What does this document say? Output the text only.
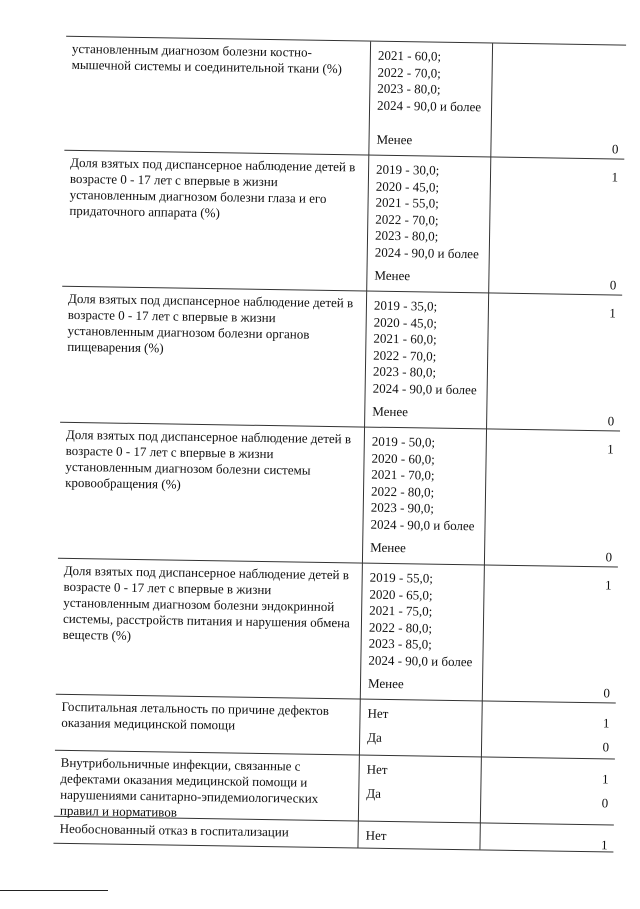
установленным диагнозом болезни костно-мышечной системы и соединительной ткани (%)
2021 - 60,0;
2022 - 70,0;
2023 - 80,0;
2024 - 90,0 и более
Менее
0
Доля взятых под диспансерное наблюдение детей в возрасте 0 - 17 лет с впервые в жизни установленным диагнозом болезни глаза и его придаточного аппарата (%)
2019 - 30,0;
2020 - 45,0;
2021 - 55,0;
2022 - 70,0;
2023 - 80,0;
2024 - 90,0 и более
1
Менее
0
Доля взятых под диспансерное наблюдение детей в возрасте 0 - 17 лет с впервые в жизни установленным диагнозом болезни органов пищеварения (%)
2019 - 35,0;
2020 - 45,0;
2021 - 60,0;
2022 - 70,0;
2023 - 80,0;
2024 - 90,0 и более
1
Менее
0
Доля взятых под диспансерное наблюдение детей в возрасте 0 - 17 лет с впервые в жизни установленным диагнозом болезни системы кровообращения (%)
2019 - 50,0;
2020 - 60,0;
2021 - 70,0;
2022 - 80,0;
2023 - 90,0;
2024 - 90,0 и более
1
Менее
0
Доля взятых под диспансерное наблюдение детей в возрасте 0 - 17 лет с впервые в жизни установленным диагнозом болезни эндокринной системы, расстройств питания и нарушения обмена веществ (%)
2019 - 55,0;
2020 - 65,0;
2021 - 75,0;
2022 - 80,0;
2023 - 85,0;
2024 - 90,0 и более
1
Менее
0
Госпитальная летальность по причине дефектов оказания медицинской помощи
Нет
1
Да
0
Внутрибольничные инфекции, связанные с дефектами оказания медицинской помощи и нарушениями санитарно-эпидемиологических правил и нормативов
Нет
1
Да
0
Необоснованный отказ в госпитализации	Нет
1
